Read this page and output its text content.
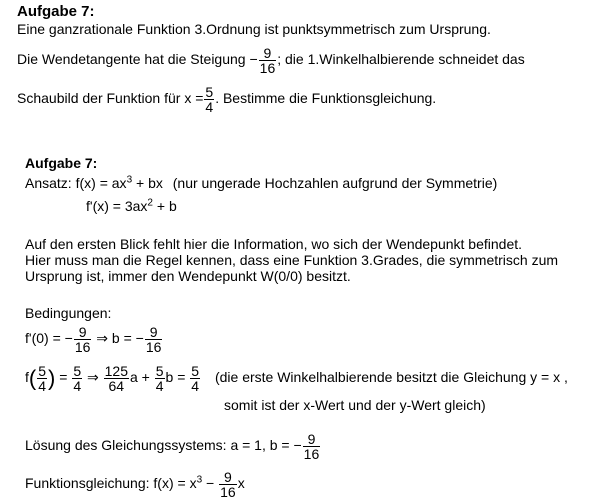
Aufgabe 7:
Eine ganzrationale Funktion 3.Ordnung ist punktsymmetrisch zum Ursprung.
Die Wendetangente hat die Steigung − $\frac{9}{16}$ ; die 1.Winkelhalbierende schneidet das
Schaubild der Funktion für $x = \frac{5}{4}$ . Bestimme die Funktionsgleichung.
Aufgabe 7:
Ansatz: $f(x) = ax^3$ + bx (nur ungerade Hochzahlen aufgrund der Symmetrie)
$f'(x) = 3ax^2 + b$
Auf den ersten Blick fehlt hier die Information, wo sich der Wendepunkt befindet.
Hier muss man die Regel kennen, dass eine Funktion 3.Grades, die symmetrisch zum
Ursprung ist, immer den Wendepunkt W(0/0) besitzt.
Bedingungen:
f'(0) = − $\frac{9}{16}$ ⇒ b = − $\frac{9}{16}$
$f( \frac{5}{4}$ ) = $\frac{5}{4}$ ⇒ $\frac{125}{64}$ $a + \frac{5}{4}$ $b = \frac{5}{4} (die$ erste Winkelhalbierende besitzt die Gleichung y = x ,
somit ist der x-Wert und der y-Wert gleich)
Lösung des Gleichungssystems: a = 1, b = − $\frac{9}{16}$
Funktionsgleichung: $f(x) = x^3 - \frac{9}{16}$ x
